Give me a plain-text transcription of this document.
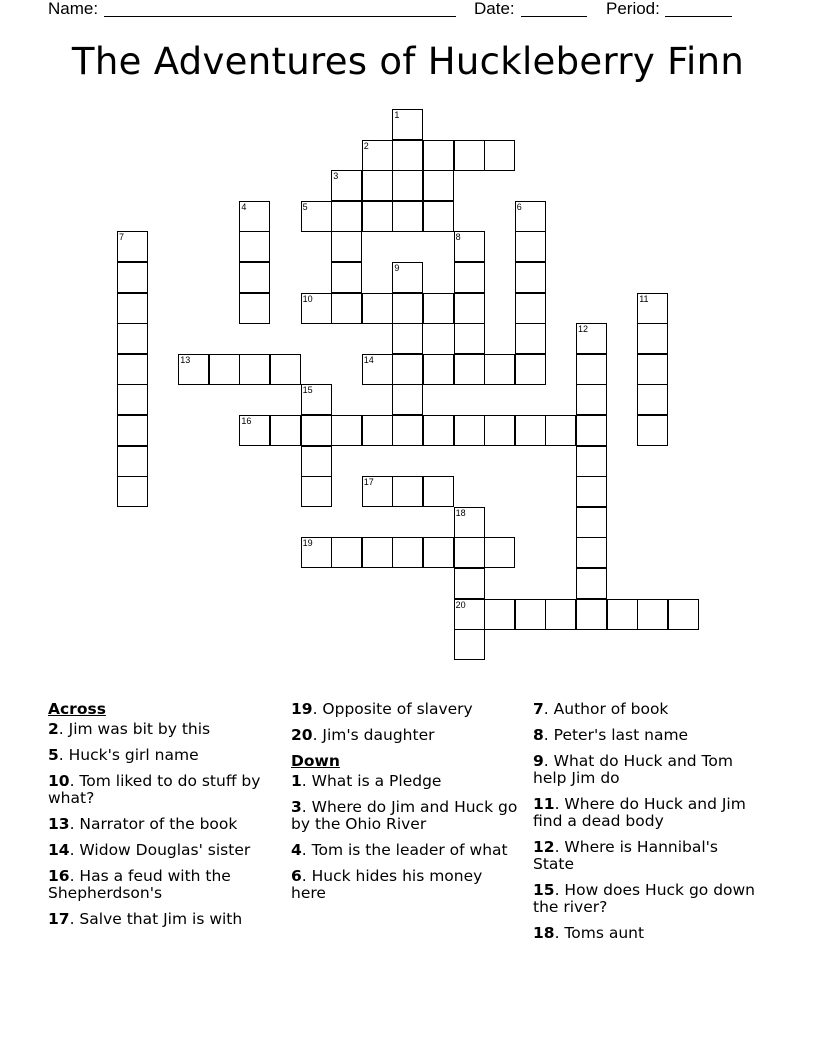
Name:	Date:	Period:
The Adventures of Huckleberry Finn
1
2
3
4	5	6
7	8
9
10	11
12
13	14
15
16
17
18
20
19
Across
2. Jim was bit by this
5. Huck's girl name
10. Tom liked to do stuff by what?
13. Narrator of the book
14. Widow Douglas' sister
16. Has a feud with the Shepherdson's
17. Salve that Jim is with
19. Opposite of slavery
20. Jim's daughter
Down
1. What is a Pledge
3. Where do Jim and Huck go by the Ohio River
4. Tom is the leader of what
6. Huck hides his money here
7. Author of book
8. Peter's last name
9. What do Huck and Tom help Jim do
11. Where do Huck and Jim find a dead body
12. Where is Hannibal's State
15. How does Huck go down the river?
18. Toms aunt
